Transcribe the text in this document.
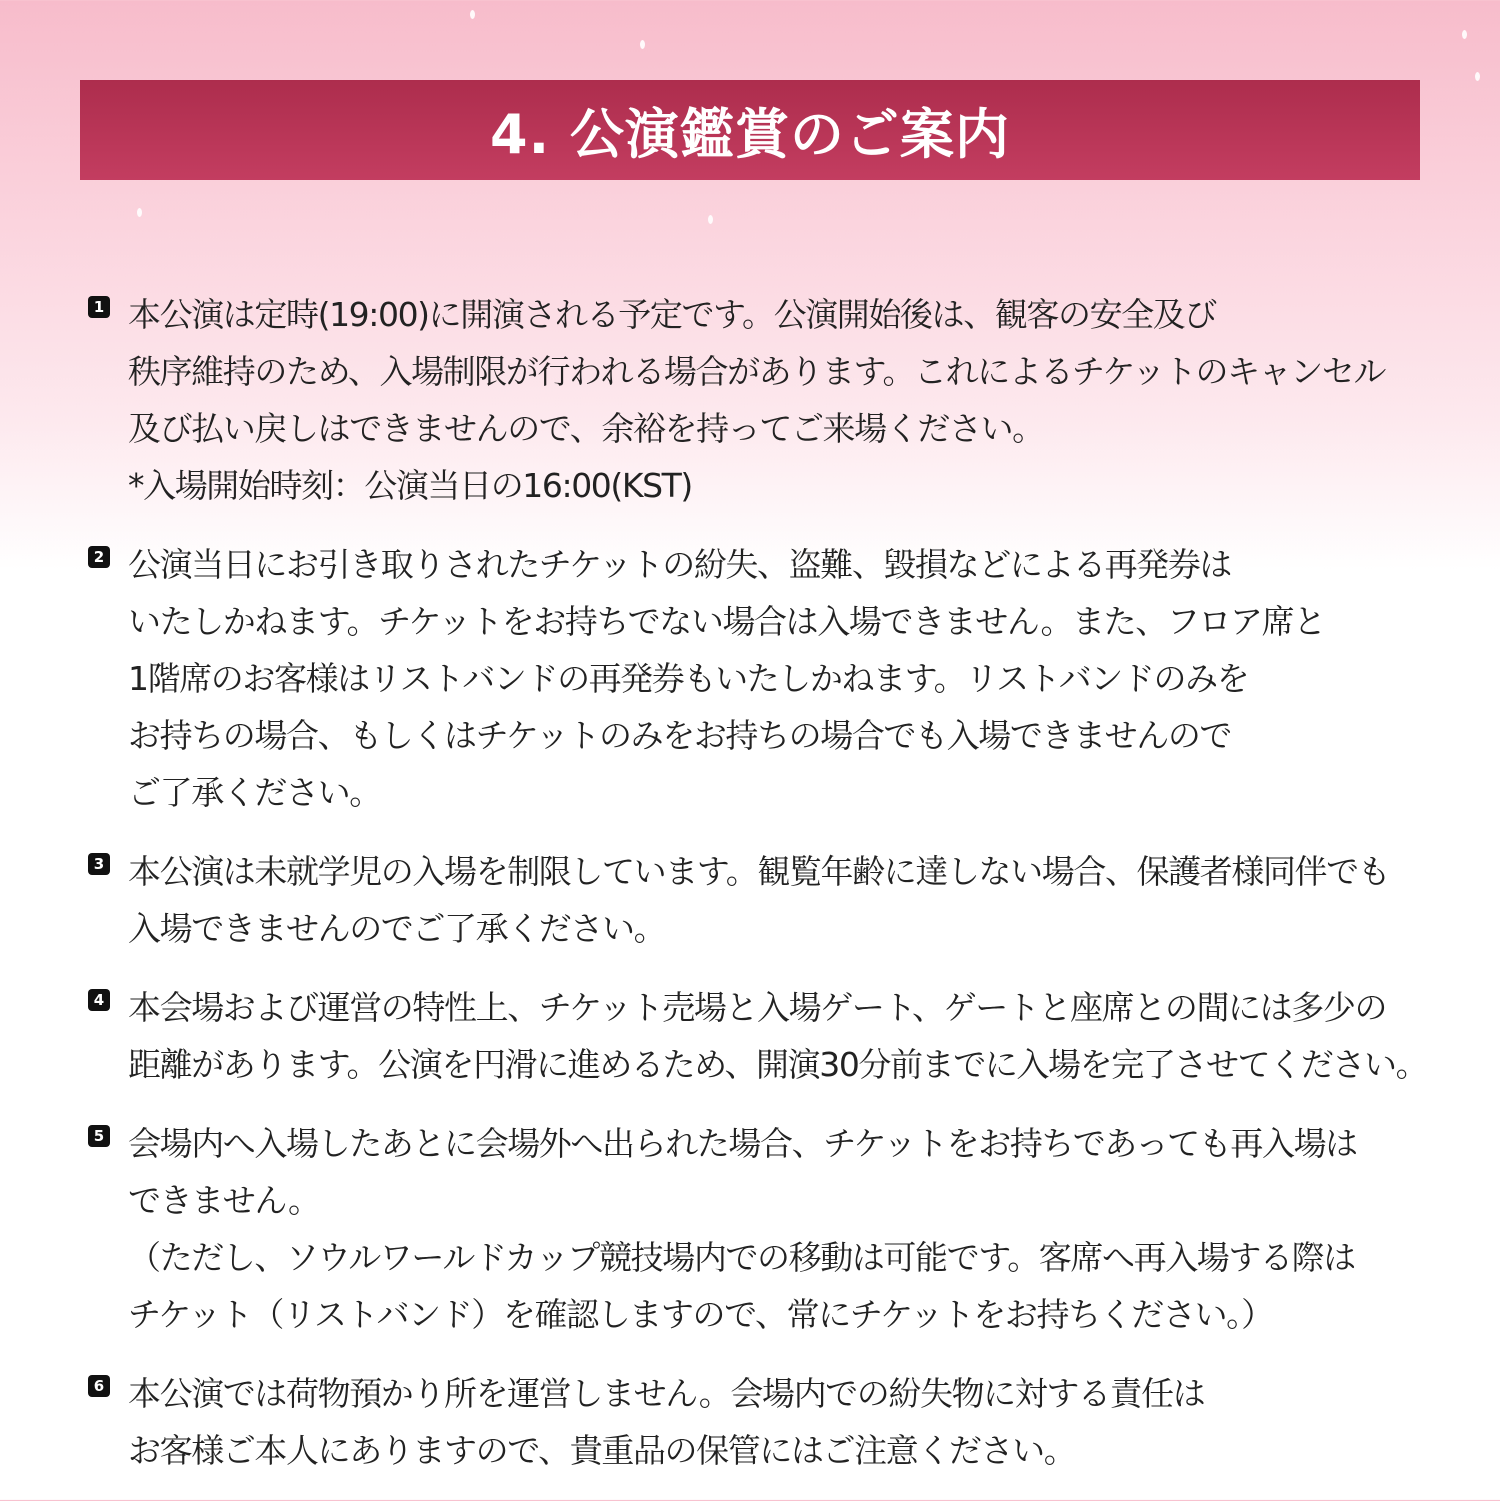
4. 公演鑑賞のご案内
1 本公演は定時(19:00)に開演される予定です。公演開始後は、観客の安全及び
秩序維持のため、入場制限が行われる場合があります。これによるチケットのキャンセル
及び払い戻しはできませんので、余裕を持ってご来場ください。
*入場開始時刻：公演当日の16:00(KST)
2 公演当日にお引き取りされたチケットの紛失、盗難、毀損などによる再発券は
いたしかねます。チケットをお持ちでない場合は入場できません。また、フロア席と
1階席のお客様はリストバンドの再発券もいたしかねます。リストバンドのみを
お持ちの場合、もしくはチケットのみをお持ちの場合でも入場できませんので
ご了承ください。
3 本公演は未就学児の入場を制限しています。観覧年齢に達しない場合、保護者様同伴でも
入場できませんのでご了承ください。
4 本会場および運営の特性上、チケット売場と入場ゲート、ゲートと座席との間には多少の
距離があります。公演を円滑に進めるため、開演30分前までに入場を完了させてください。
5 会場内へ入場したあとに会場外へ出られた場合、チケットをお持ちであっても再入場は
できません。
（ただし、ソウルワールドカップ競技場内での移動は可能です。客席へ再入場する際は
チケット（リストバンド）を確認しますので、常にチケットをお持ちください。）
6 本公演では荷物預かり所を運営しません。会場内での紛失物に対する責任は
お客様ご本人にありますので、貴重品の保管にはご注意ください。
